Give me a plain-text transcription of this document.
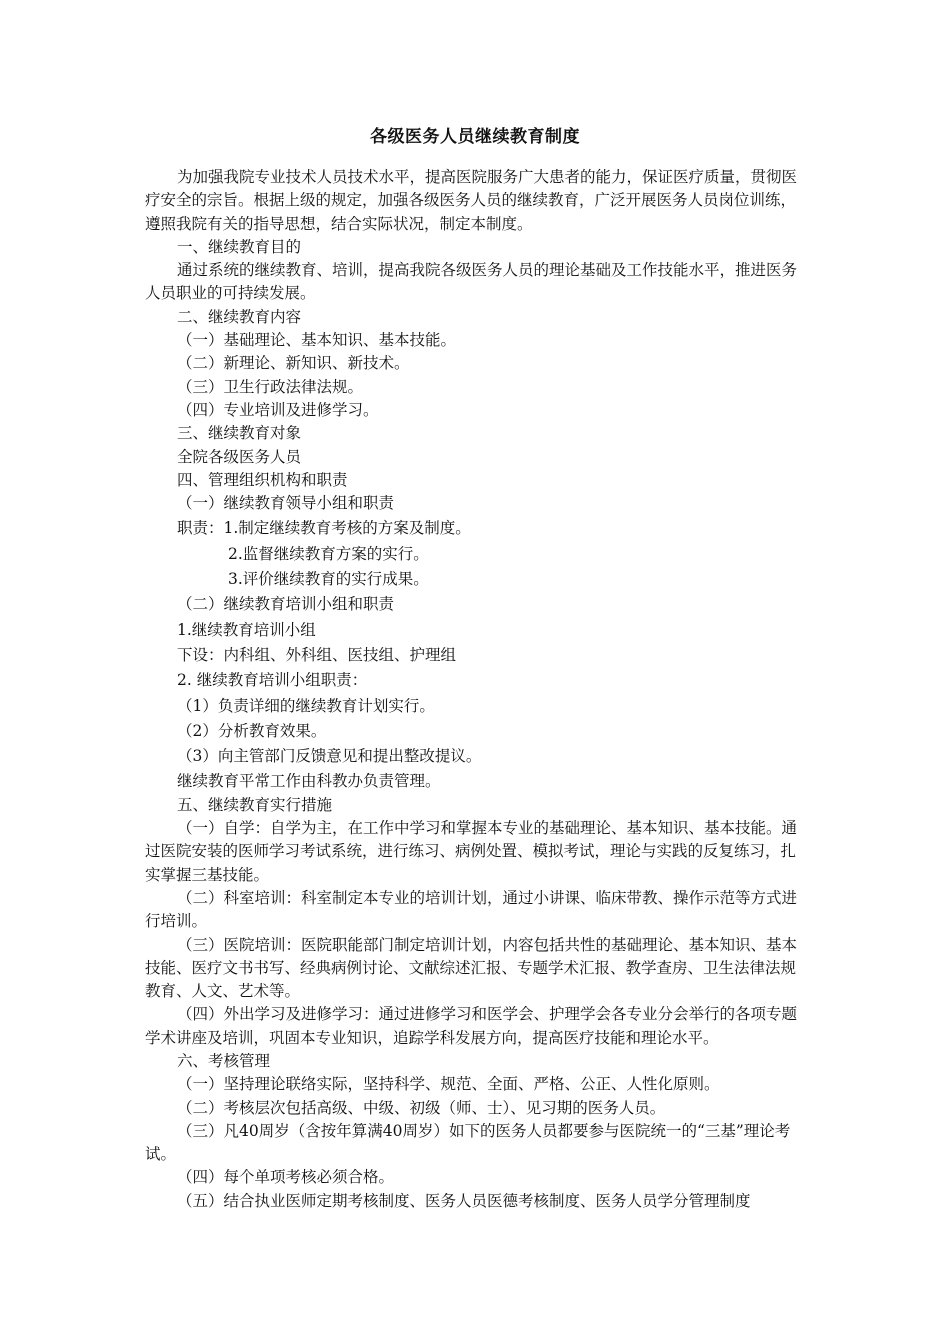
各级医务人员继续教育制度

为加强我院专业技术人员技术水平，提高医院服务广大患者的能力，保证医疗质量，贯彻医疗安全的宗旨。根据上级的规定，加强各级医务人员的继续教育，广泛开展医务人员岗位训练，遵照我院有关的指导思想，结合实际状况，制定本制度。

一、继续教育目的

通过系统的继续教育、培训，提高我院各级医务人员的理论基础及工作技能水平，推进医务人员职业的可持续发展。

二、继续教育内容

（一）基础理论、基本知识、基本技能。

（二）新理论、新知识、新技术。

（三）卫生行政法律法规。

（四）专业培训及进修学习。

三、继续教育对象

全院各级医务人员

四、管理组织机构和职责

（一）继续教育领导小组和职责

职责：1.制定继续教育考核的方案及制度。

2.监督继续教育方案的实行。

3.评价继续教育的实行成果。

（二）继续教育培训小组和职责

1.继续教育培训小组

下设：内科组、外科组、医技组、护理组

2. 继续教育培训小组职责：

（1）负责详细的继续教育计划实行。

（2）分析教育效果。

（3）向主管部门反馈意见和提出整改提议。

继续教育平常工作由科教办负责管理。

五、继续教育实行措施

（一）自学：自学为主，在工作中学习和掌握本专业的基础理论、基本知识、基本技能。通过医院安装的医师学习考试系统，进行练习、病例处置、模拟考试，理论与实践的反复练习，扎实掌握三基技能。

（二）科室培训：科室制定本专业的培训计划，通过小讲课、临床带教、操作示范等方式进行培训。

（三）医院培训：医院职能部门制定培训计划，内容包括共性的基础理论、基本知识、基本技能、医疗文书书写、经典病例讨论、文献综述汇报、专题学术汇报、教学查房、卫生法律法规教育、人文、艺术等。

（四）外出学习及进修学习：通过进修学习和医学会、护理学会各专业分会举行的各项专题学术讲座及培训，巩固本专业知识，追踪学科发展方向，提高医疗技能和理论水平。

六、考核管理

（一）坚持理论联络实际，坚持科学、规范、全面、严格、公正、人性化原则。

（二）考核层次包括高级、中级、初级（师、士）、见习期的医务人员。

（三）凡40周岁（含按年算满40周岁）如下的医务人员都要参与医院统一的“三基”理论考试。

（四）每个单项考核必须合格。

（五）结合执业医师定期考核制度、医务人员医德考核制度、医务人员学分管理制度
